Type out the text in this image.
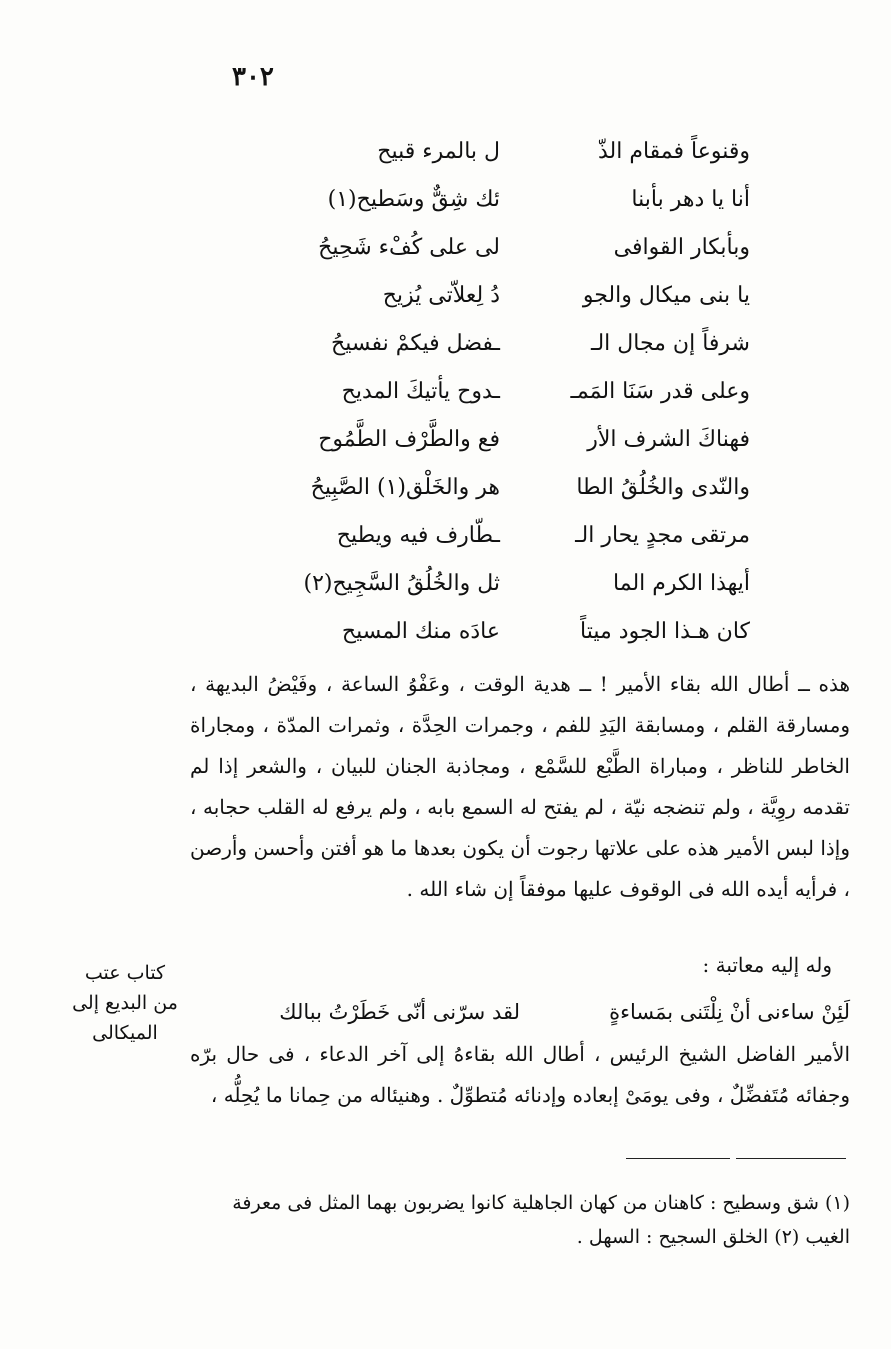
٣٠٢
وقنوعاً فمقام الذّ
ل بالمرء قبيح
أنا يا دهر بأبنا
ئك شِقٌّ وسَطيح(١)
وبأبكار القوافى
لى على كُفْء شَحِيحُ
يا بنى ميكال والجو
دُ لِعلاّتى يُزيح
شرفاً إن مجال الـ
ـفضل فيكمْ نفسيحُ
وعلى قدر سَنَا المَمـ
ـدوح يأتيكَ المديح
فهناكَ الشرف الأر
فع والطَّرْف الطَّمُوح
والنّدى والخُلُقُ الطا
هر والخَلْق(١) الصَّبِيحُ
مرتقى مجدٍ يحار الـ
ـطّارف فيه ويطيح
أيهذا الكرم الما
ثل والخُلُقُ السَّجِيح(٢)
كان هـذا الجود ميتاً
عادَه منك المسيح

هذه ــ أطال الله بقاء الأمير ! ــ هدية الوقت ، وعَفْوُ الساعة ، وفَيْضُ البديهة ، ومسارقة القلم ، ومسابقة اليَدِ للفم ، وجمرات الحِدَّة ، وثمرات المدّة ، ومجاراة الخاطر للناظر ، ومباراة الطَّبْع للسَّمْع ، ومجاذبة الجنان للبيان ، والشعر إذا لم تقدمه روِيَّة ، ولم تنضجه نيّة ، لم يفتح له السمع بابه ، ولم يرفع له القلب حجابه ، وإذا لبس الأمير هذه على علاتها رجوت أن يكون بعدها ما هو أفتن وأحسن وأرصن ، فرأيه أيده الله فى الوقوف عليها موفقاً إن شاء الله .

كتاب عتب
من البديع إلى
الميكالى

وله إليه معاتبة :

لَئِنْ ساءنى أنْ نِلْتَنى بمَساءةٍ
لقد سرّنى أنّى خَطَرْتُ ببالك

الأمير الفاضل الشيخ الرئيس ، أطال الله بقاءهُ إلى آخر الدعاء ، فى حال برّه وجفائه مُتَفضِّلٌ ، وفى يومَىْ إبعاده وإدنائه مُتطوِّلٌ . وهنيئاله من حِمانا ما يُحِلُّه ،

(١) شق وسطيح : كاهنان من كهان الجاهلية كانوا يضربون بهما المثل فى معرفة الغيب (٢) الخلق السجيح : السهل .
